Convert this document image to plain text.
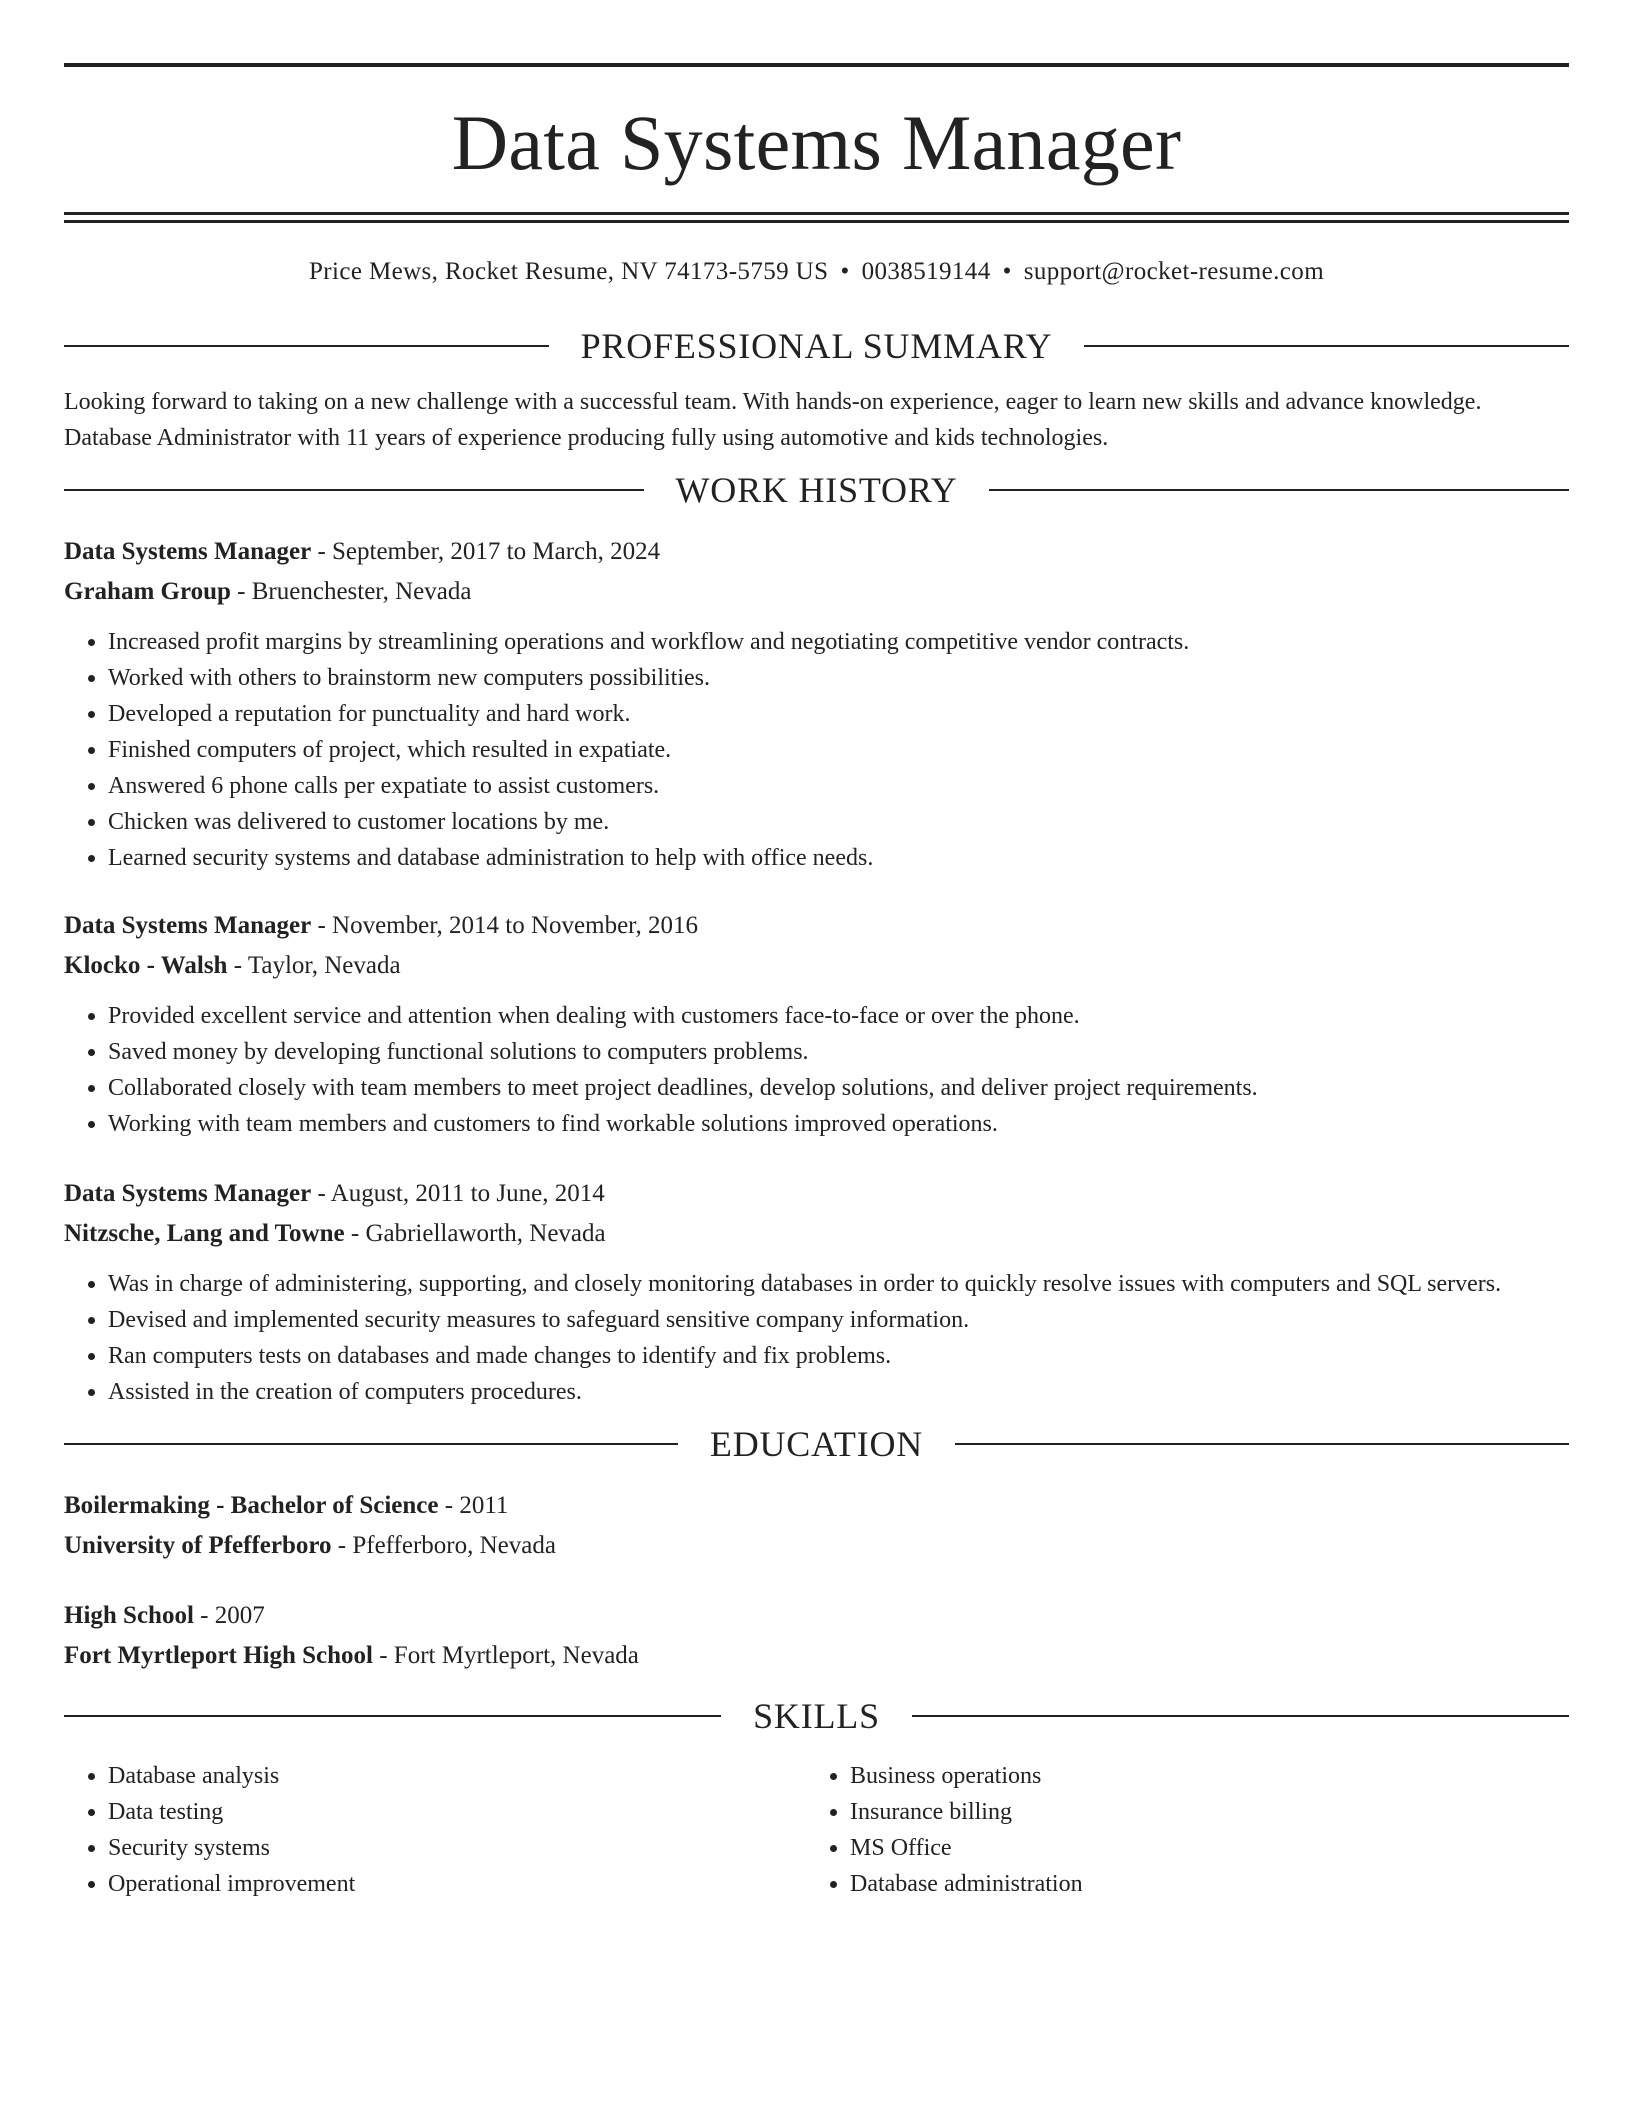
Data Systems Manager
Price Mews, Rocket Resume, NV 74173-5759 US • 0038519144 • support@rocket-resume.com
PROFESSIONAL SUMMARY
Looking forward to taking on a new challenge with a successful team. With hands-on experience, eager to learn new skills and advance knowledge.
Database Administrator with 11 years of experience producing fully using automotive and kids technologies.
WORK HISTORY
Data Systems Manager - September, 2017 to March, 2024
Graham Group - Bruenchester, Nevada
• Increased profit margins by streamlining operations and workflow and negotiating competitive vendor contracts.
• Worked with others to brainstorm new computers possibilities.
• Developed a reputation for punctuality and hard work.
• Finished computers of project, which resulted in expatiate.
• Answered 6 phone calls per expatiate to assist customers.
• Chicken was delivered to customer locations by me.
• Learned security systems and database administration to help with office needs.
Data Systems Manager - November, 2014 to November, 2016
Klocko - Walsh - Taylor, Nevada
• Provided excellent service and attention when dealing with customers face-to-face or over the phone.
• Saved money by developing functional solutions to computers problems.
• Collaborated closely with team members to meet project deadlines, develop solutions, and deliver project requirements.
• Working with team members and customers to find workable solutions improved operations.
Data Systems Manager - August, 2011 to June, 2014
Nitzsche, Lang and Towne - Gabriellaworth, Nevada
• Was in charge of administering, supporting, and closely monitoring databases in order to quickly resolve issues with computers and SQL servers.
• Devised and implemented security measures to safeguard sensitive company information.
• Ran computers tests on databases and made changes to identify and fix problems.
• Assisted in the creation of computers procedures.
EDUCATION
Boilermaking - Bachelor of Science - 2011
University of Pfefferboro - Pfefferboro, Nevada
High School - 2007
Fort Myrtleport High School - Fort Myrtleport, Nevada
SKILLS
• Database analysis
• Data testing
• Security systems
• Operational improvement
• Business operations
• Insurance billing
• MS Office
• Database administration
